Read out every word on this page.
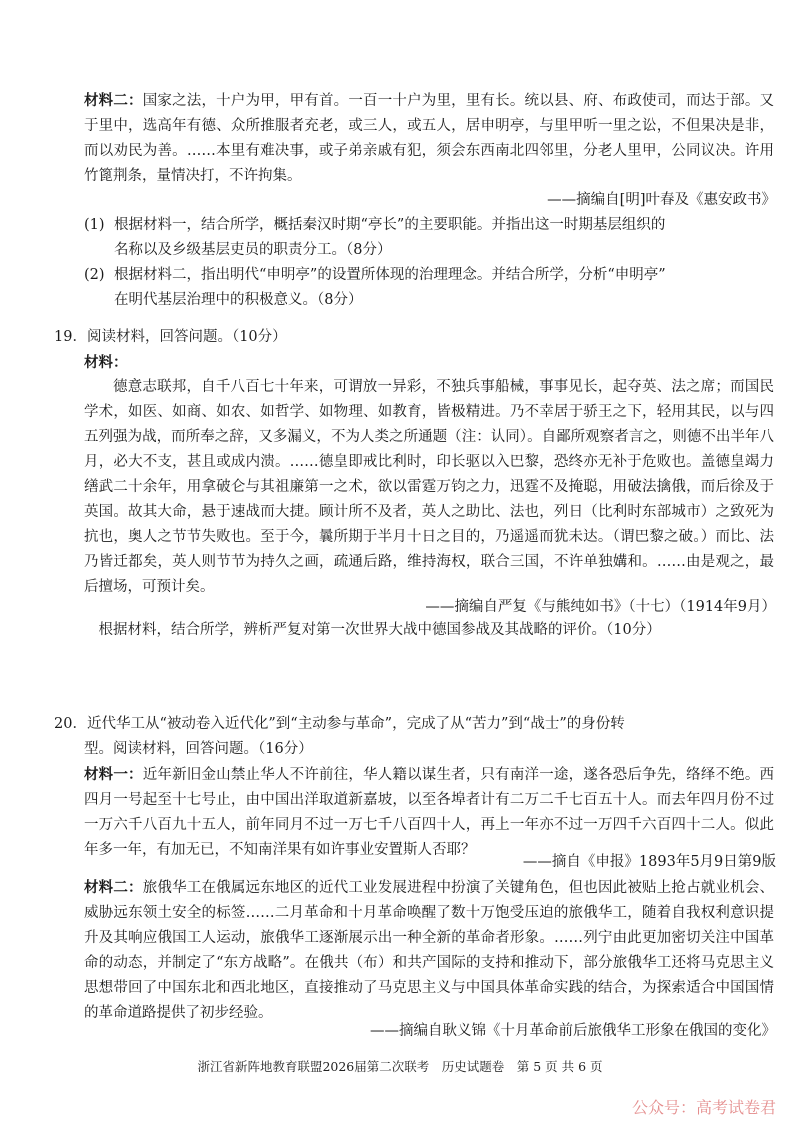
材料二：国家之法，十户为甲，甲有首。一百一十户为里，里有长。统以县、府、布政使司，而达于部。又于里中，选高年有德、众所推服者充老，或三人，或五人，居申明亭，与里甲听一里之讼，不但果决是非，而以劝民为善。……本里有难决事，或子弟亲戚有犯，须会东西南北四邻里，分老人里甲，公同议决。许用竹篦荆条，量情决打，不许拘集。

——摘编自[明]叶春及《惠安政书》
(1) 根据材料一，结合所学，概括秦汉时期“亭长”的主要职能。并指出这一时期基层组织的
名称以及乡级基层吏员的职责分工。（8分）
(2) 根据材料二，指出明代“申明亭”的设置所体现的治理理念。并结合所学，分析“申明亭”
在明代基层治理中的积极意义。（8分）
19．阅读材料，回答问题。（10分）
材料：

德意志联邦，自千八百七十年来，可谓放一异彩，不独兵事船械，事事见长，起夺英、法之席；而国民学术，如医、如商、如农、如哲学、如物理、如教育，皆极精进。乃不幸居于骄王之下，轻用其民，以与四五列强为战，而所奉之辞，又多漏义，不为人类之所通题（注：认同）。自鄙所观察者言之，则德不出半年八月，必大不支，甚且或成内溃。……德皇即戒比利时，印长驱以入巴黎，恐终亦无补于危败也。盖德皇竭力缮武二十余年，用拿破仑与其祖廉第一之术，欲以雷霆万钧之力，迅霆不及掩聪，用破法擒俄，而后徐及于英国。故其大命，悬于速战而大捷。顾计所不及者，英人之助比、法也，列日（比利时东部城市）之致死为抗也，奥人之节节失败也。至于今，曩所期于半月十日之目的，乃遥遥而犹未达。（谓巴黎之破。）而比、法乃皆迁都矣，英人则节节为持久之画，疏通后路，维持海权，联合三国，不许单独媾和。……由是观之，最后擅场，可预计矣。

——摘编自严复《与熊纯如书》（十七）（1914年9月）
根据材料，结合所学，辨析严复对第一次世界大战中德国参战及其战略的评价。（10分）
20．近代华工从“被动卷入近代化”到“主动参与革命”，完成了从“苦力”到“战士”的身份转
型。阅读材料，回答问题。（16分）

材料一：近年新旧金山禁止华人不许前往，华人籍以谋生者，只有南洋一途，遂各恐后争先，络绎不绝。西四月一号起至十七号止，由中国出洋取道新嘉坡，以至各埠者计有二万二千七百五十人。而去年四月份不过一万六千八百九十五人，前年同月不过一万七千八百四十人，再上一年亦不过一万四千六百四十二人。似此年多一年，有加无已，不知南洋果有如许事业安置斯人否耶？

——摘自《申报》1893年5月9日第9版

材料二：旅俄华工在俄属远东地区的近代工业发展进程中扮演了关键角色，但也因此被贴上抢占就业机会、威胁远东领土安全的标签……二月革命和十月革命唤醒了数十万饱受压迫的旅俄华工，随着自我权利意识提升及其响应俄国工人运动，旅俄华工逐渐展示出一种全新的革命者形象。……列宁由此更加密切关注中国革命的动态，并制定了“东方战略”。在俄共（布）和共产国际的支持和推动下，部分旅俄华工还将马克思主义思想带回了中国东北和西北地区，直接推动了马克思主义与中国具体革命实践的结合，为探索适合中国国情的革命道路提供了初步经验。

——摘编自耿义锦《十月革命前后旅俄华工形象在俄国的变化》
浙江省新阵地教育联盟2026届第二次联考　历史试题卷　第 5 页 共 6 页
公众号：高考试卷君
